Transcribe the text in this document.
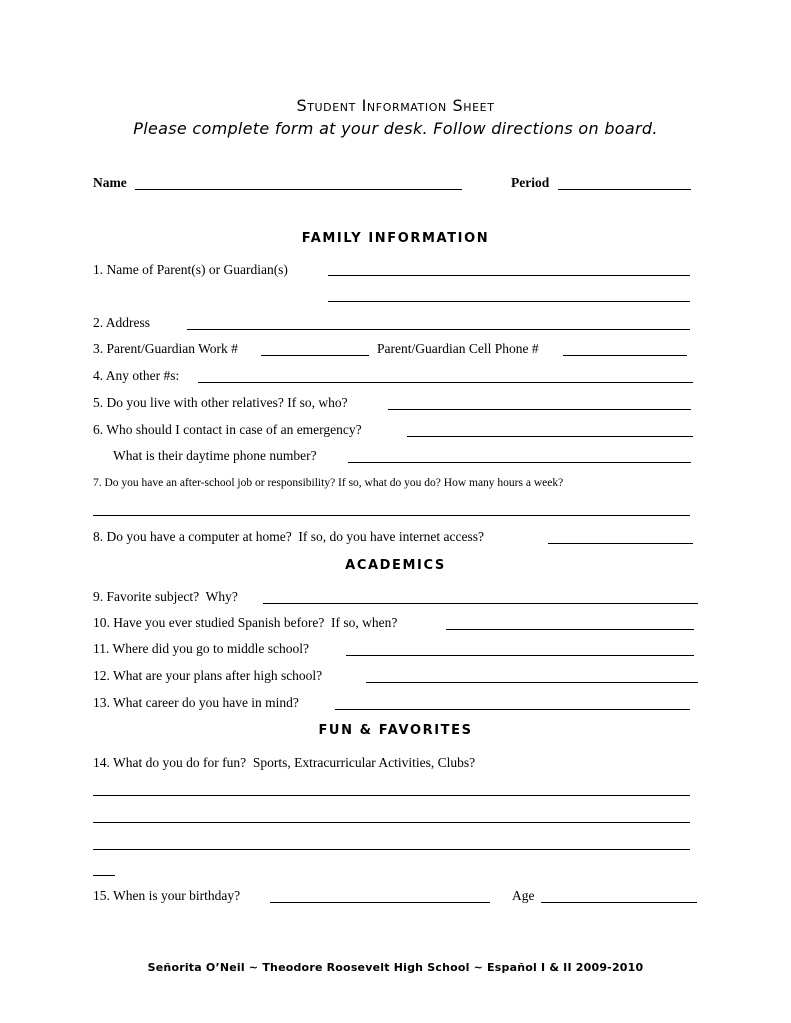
Student Information Sheet
Please complete form at your desk. Follow directions on board.
Name	Period
FAMILY INFORMATION
1. Name of Parent(s) or Guardian(s)
2. Address
3. Parent/Guardian Work #	Parent/Guardian Cell Phone #
4. Any other #s:
5. Do you live with other relatives? If so, who?
6. Who should I contact in case of an emergency?
What is their daytime phone number?
7. Do you have an after-school job or responsibility? If so, what do you do? How many hours a week?
8. Do you have a computer at home?  If so, do you have internet access?
ACADEMICS
9. Favorite subject?  Why?
10. Have you ever studied Spanish before?  If so, when?
11. Where did you go to middle school?
12. What are your plans after high school?
13. What career do you have in mind?
FUN & FAVORITES
14. What do you do for fun?  Sports, Extracurricular Activities, Clubs?
15. When is your birthday?	Age
Señorita O’Neil ~ Theodore Roosevelt High School ~ Español I & II 2009-2010
